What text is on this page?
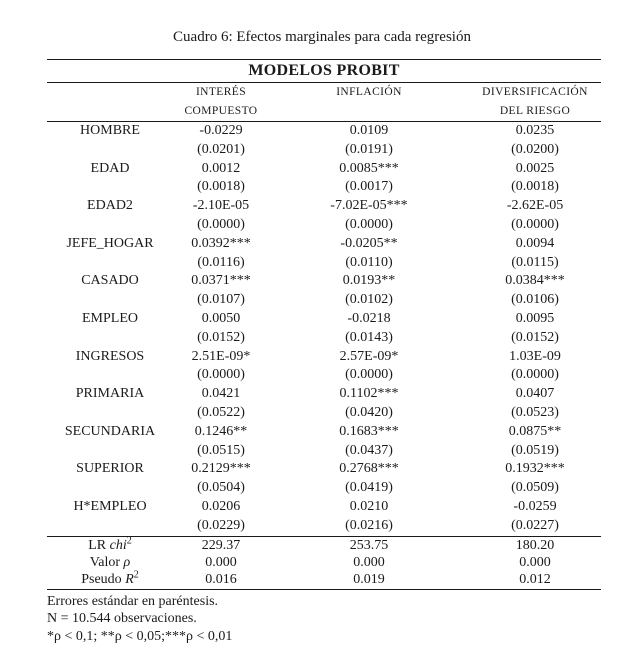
Cuadro 6: Efectos marginales para cada regresión
MODELOS PROBIT			
	INTERÉS	INFLACIÓN	DIVERSIFICACIÓN
	COMPUESTO		DEL RIESGO
HOMBRE	-0.0229	0.0109	0.0235
	(0.0201)	(0.0191)	(0.0200)
EDAD	0.0012	0.0085***	0.0025
	(0.0018)	(0.0017)	(0.0018)
EDAD2	-2.10E-05	-7.02E-05***	-2.62E-05
	(0.0000)	(0.0000)	(0.0000)
JEFE_HOGAR	0.0392***	-0.0205**	0.0094
	(0.0116)	(0.0110)	(0.0115)
CASADO	0.0371***	0.0193**	0.0384***
	(0.0107)	(0.0102)	(0.0106)
EMPLEO	0.0050	-0.0218	0.0095
	(0.0152)	(0.0143)	(0.0152)
INGRESOS	2.51E-09*	2.57E-09*	1.03E-09
	(0.0000)	(0.0000)	(0.0000)
PRIMARIA	0.0421	0.1102***	0.0407
	(0.0522)	(0.0420)	(0.0523)
SECUNDARIA	0.1246**	0.1683***	0.0875**
	(0.0515)	(0.0437)	(0.0519)
SUPERIOR	0.2129***	0.2768***	0.1932***
	(0.0504)	(0.0419)	(0.0509)
H*EMPLEO	0.0206	0.0210	-0.0259
	(0.0229)	(0.0216)	(0.0227)
LR chi$^2$	229.37	253.75	180.20
Valor ρ	0.000	0.000	0.000
Pseudo $R^2$	0.016	0.019	0.012
Errores estándar en paréntesis.
N = 10.544 observaciones.
*ρ < 0,1; **ρ < 0,05;***ρ < 0,01
